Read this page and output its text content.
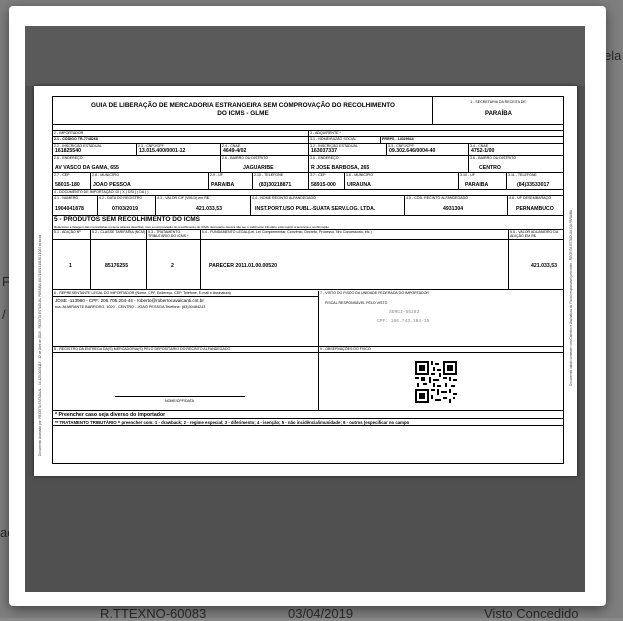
Documento Assinado por: RECEITA ESTADUAL - 14.120.000/1115 - 12 de Abril de 2019 - RECEITA ESTADUAL PARAIBA 4017140/14101301 1004 xx:xx:xx	Documento valido somente com Carimbo e Assinatura do Fiscal responsavel pelo visto - RECEITA ESTADUAL DA PARAIBA
GUIA DE LIBERAÇÃO DE MERCADORIA ESTRANGEIRA SEM COMPROVAÇÃO DO RECOLHIMENTO
DO ICMS - GLME
1 - SECRETARIA DA RECEITA DE:
PARAÍBA
2 - IMPORTADOR	3 - ADQUIRENTE *
2.1 - CÓDIGO TR-7748268	3.1 - NOME/RAZÃO SOCIAL	PRRPS - 14029944
2.2 - INSCRIÇÃO ESTADUAL
161825540
2.3 - CNPJ/CPF
13.015.400/0001-12
2.4 - CNAE
4649-4/02
3.2 - INSCRIÇÃO ESTADUAL
163037337
3.3 - CNPJ/CPF
09.302.646/0004-40
3.4 - CNAE
4752-1/00
2.5 - ENDEREÇO
AV VASCO DA GAMA, 655
2.6 - BAIRRO OU DISTRITO
JAGUARIBE
3.5 - ENDEREÇO
R JOSE BARBOSA, 265
3.6 - BAIRRO OU DISTRITO
CENTRO
2.7 - CEP
58015-180
2.8 - MUNICÍPIO
JOAO PESSOA
2.9 - UF
PARAIBA
2.10 - TELEFONE
(83)30218871
3.7 - CEP
58915-000
3.8 - MUNICÍPIO
UIRAUNA
3.10 - UF
PARAIBA
3.11 - TELEFONE
(84)33533017
4 - DOCUMENTO DE IMPORTAÇÃO: DI ( X ) DSI ( ) DA ( )
4.1 - NÚMERO
1904041878
4.2 - DATA DO REGISTRO
07/03/2019
4.3 - VALOR CIF (VMLD) em R$
421.033,53
4.4 - NOME RECINTO ALFANDEGADO
INST.PORT.USO PUBL.-SUATA SERV.LOG. LTDA.
4.5 - CÓD. RECINTO ALFANDEGADO
4931304
4.6 - UF DESEMBARAÇO
PERNAMBUCO
5 - PRODUTOS SEM RECOLHIMENTO DO ICMS
Relacionar a listagem das mercadorias ou itens através descritas, com a comprovação do recolhimento do ICMS. Entretanto deverá não ser o cabimento tributário está sujeito à tenência e confirmação.
5.1 - ADIÇÃO Nº	5.2 - CLASSE TARIFÁRIA (NCM) 5.3 - TRATAMENTO TRIBUTÁRIO DO ICMS *
5.4 - FUNDAMENTO LEGAL(Lei, Lei Complementar, Convênio, Decreto, Processo, Nro Concessório, etc.)	5.5 - VALOR ADUANEIRO DA ADIÇÃO EM R$
1	85176255	2	PARECER 2011.01.00.00520	421.033,53
6 - REPRESENTANTE LEGAL DO IMPORTADOR (Nome, CPF, Endereço, CEP, Telefone, E-mail e Assinatura)
JOSE -113980 - CPF: 205.705.204-44 - roberto@robertocavalcanti.cnt.br
rua: ALMIRANTE BARROSO, 1020 - CENTRO - JOAO PESSOA Telefone: (83)30484243
7 - VISTO DO FISCO DA UNIDADE FEDERADA DO IMPORTADOR
FISCAL RESPONSÁVEL PELO VISTO
SERGI-55282
CPF: 166.743.164-15
8 - REGISTRO DA ENTREGA DA(S) MERCADORIA(S) PELO DEPOSITÁRIO DO RECINTO ALFANDEGADO
NOME/CPF/DATA
9 - OBSERVAÇÕES DO FISCO
* Preencher caso seja diverso do importador
** TRATAMENTO TRIBUTÁRIO = preencher com: 1 - drawback; 2 - regime especial; 3 - diferimento; 4 - isenção; 5 - não incidência/imunidade; 6 - outros (especificar no campo
